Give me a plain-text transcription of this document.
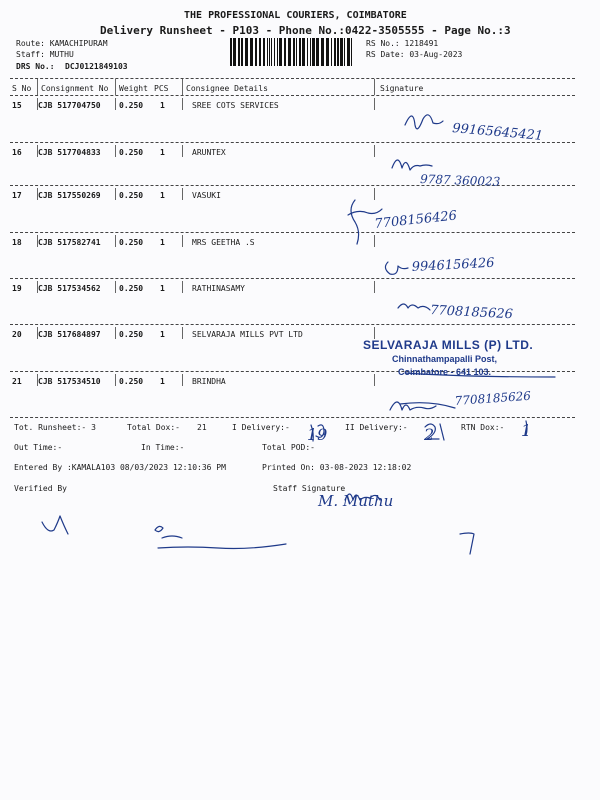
THE PROFESSIONAL COURIERS, COIMBATORE
Delivery Runsheet - P103 - Phone No.:0422-3505555 - Page No.:3
Route: KAMACHIPURAM
Staff: MUTHU
DRS No.: DCJ0121849103
RS No.: 1218491
RS Date: 03-Aug-2023
S No Consignment No Weight PCS Consignee Details	Signature
15 CJB 517704750 0.250 1	SREE COTS SERVICES
16 CJB 517704833 0.250 1	ARUNTEX
17 CJB 517550269 0.250 1	VASUKI
18 CJB 517582741 0.250 1	MRS GEETHA .S
19 CJB 517534562 0.250 1	RATHINASAMY
20 CJB 517684897 0.250 1	SELVARAJA MILLS PVT LTD
21 CJB 517534510 0.250 1	BRINDHA
SELVARAJA MILLS (P) LTD.
Chinnathampapalli Post,
Coimbatore - 641 103.
99165645421
9787 360023
7708156426
9946156426
7708185626
7708185626
M. Muthu
Tot. Runsheet:- 3	Total Dox:- 21	I Delivery:-	II Delivery:-	RTN Dox:-
19	2	1
Out Time:-	In Time:-	Total POD:-
Entered By :KAMALA103 08/03/2023 12:10:36 PM	Printed On: 03-08-2023 12:18:02
Verified By	Staff Signature
